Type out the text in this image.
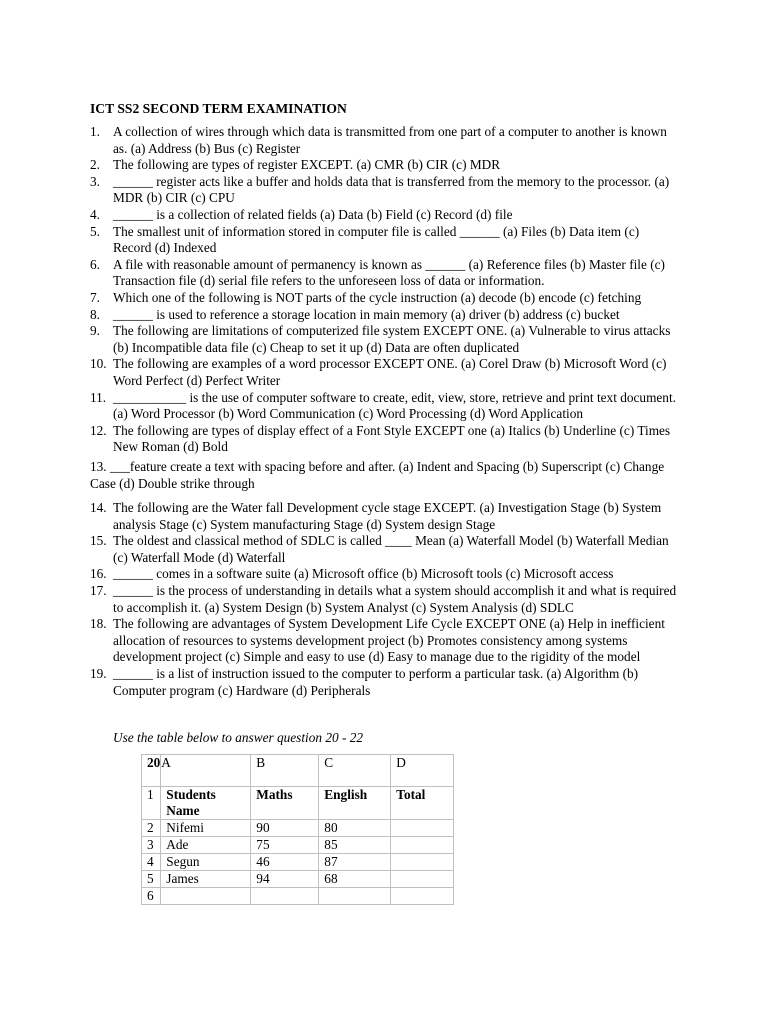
ICT SS2 SECOND TERM EXAMINATION
1. A collection of wires through which data is transmitted from one part of a computer to another is known as. (a) Address (b) Bus (c) Register
2. The following are types of register EXCEPT. (a) CMR (b) CIR (c) MDR
3. ______ register acts like a buffer and holds data that is transferred from the memory to the processor. (a) MDR (b) CIR (c) CPU
4. ______ is a collection of related fields (a) Data (b) Field (c) Record (d) file
5. The smallest unit of information stored in computer file is called ______ (a) Files (b) Data item (c) Record (d) Indexed
6. A file with reasonable amount of permanency is known as ______ (a) Reference files (b) Master file (c) Transaction file (d) serial file refers to the unforeseen loss of data or information.
7. Which one of the following is NOT parts of the cycle instruction (a) decode (b) encode (c) fetching
8. ______ is used to reference a storage location in main memory (a) driver (b) address (c) bucket
9. The following are limitations of computerized file system EXCEPT ONE. (a) Vulnerable to virus attacks (b) Incompatible data file (c) Cheap to set it up (d) Data are often duplicated
10. The following are examples of a word processor EXCEPT ONE. (a) Corel Draw (b) Microsoft Word (c) Word Perfect (d) Perfect Writer
11. ___________ is the use of computer software to create, edit, view, store, retrieve and print text document. (a) Word Processor (b) Word Communication (c) Word Processing (d) Word Application
12. The following are types of display effect of a Font Style EXCEPT one (a) Italics (b) Underline (c) Times New Roman (d) Bold
13. ___feature create a text with spacing before and after. (a) Indent and Spacing (b) Superscript (c) Change Case (d) Double strike through
14. The following are the Water fall Development cycle stage EXCEPT. (a) Investigation Stage (b) System analysis Stage (c) System manufacturing Stage (d) System design Stage
15. The oldest and classical method of SDLC is called ____ Mean (a) Waterfall Model (b) Waterfall Median (c) Waterfall Mode (d) Waterfall
16. ______ comes in a software suite (a) Microsoft office (b) Microsoft tools (c) Microsoft access
17. ______ is the process of understanding in details what a system should accomplish it and what is required to accomplish it. (a) System Design (b) System Analyst (c) System Analysis (d) SDLC
18. The following are advantages of System Development Life Cycle EXCEPT ONE (a) Help in inefficient allocation of resources to systems development project (b) Promotes consistency among systems development project (c) Simple and easy to use (d) Easy to manage due to the rigidity of the model
19. ______ is a list of instruction issued to the computer to perform a particular task. (a) Algorithm (b) Computer program (c) Hardware (d) Peripherals
Use the table below to answer question 20 - 22
20	A	B	C	D
1	Students Name	Maths	English	Total
2	Nifemi	90	80	
3	Ade	75	85	
4	Segun	46	87	
5	James	94	68	
6				
